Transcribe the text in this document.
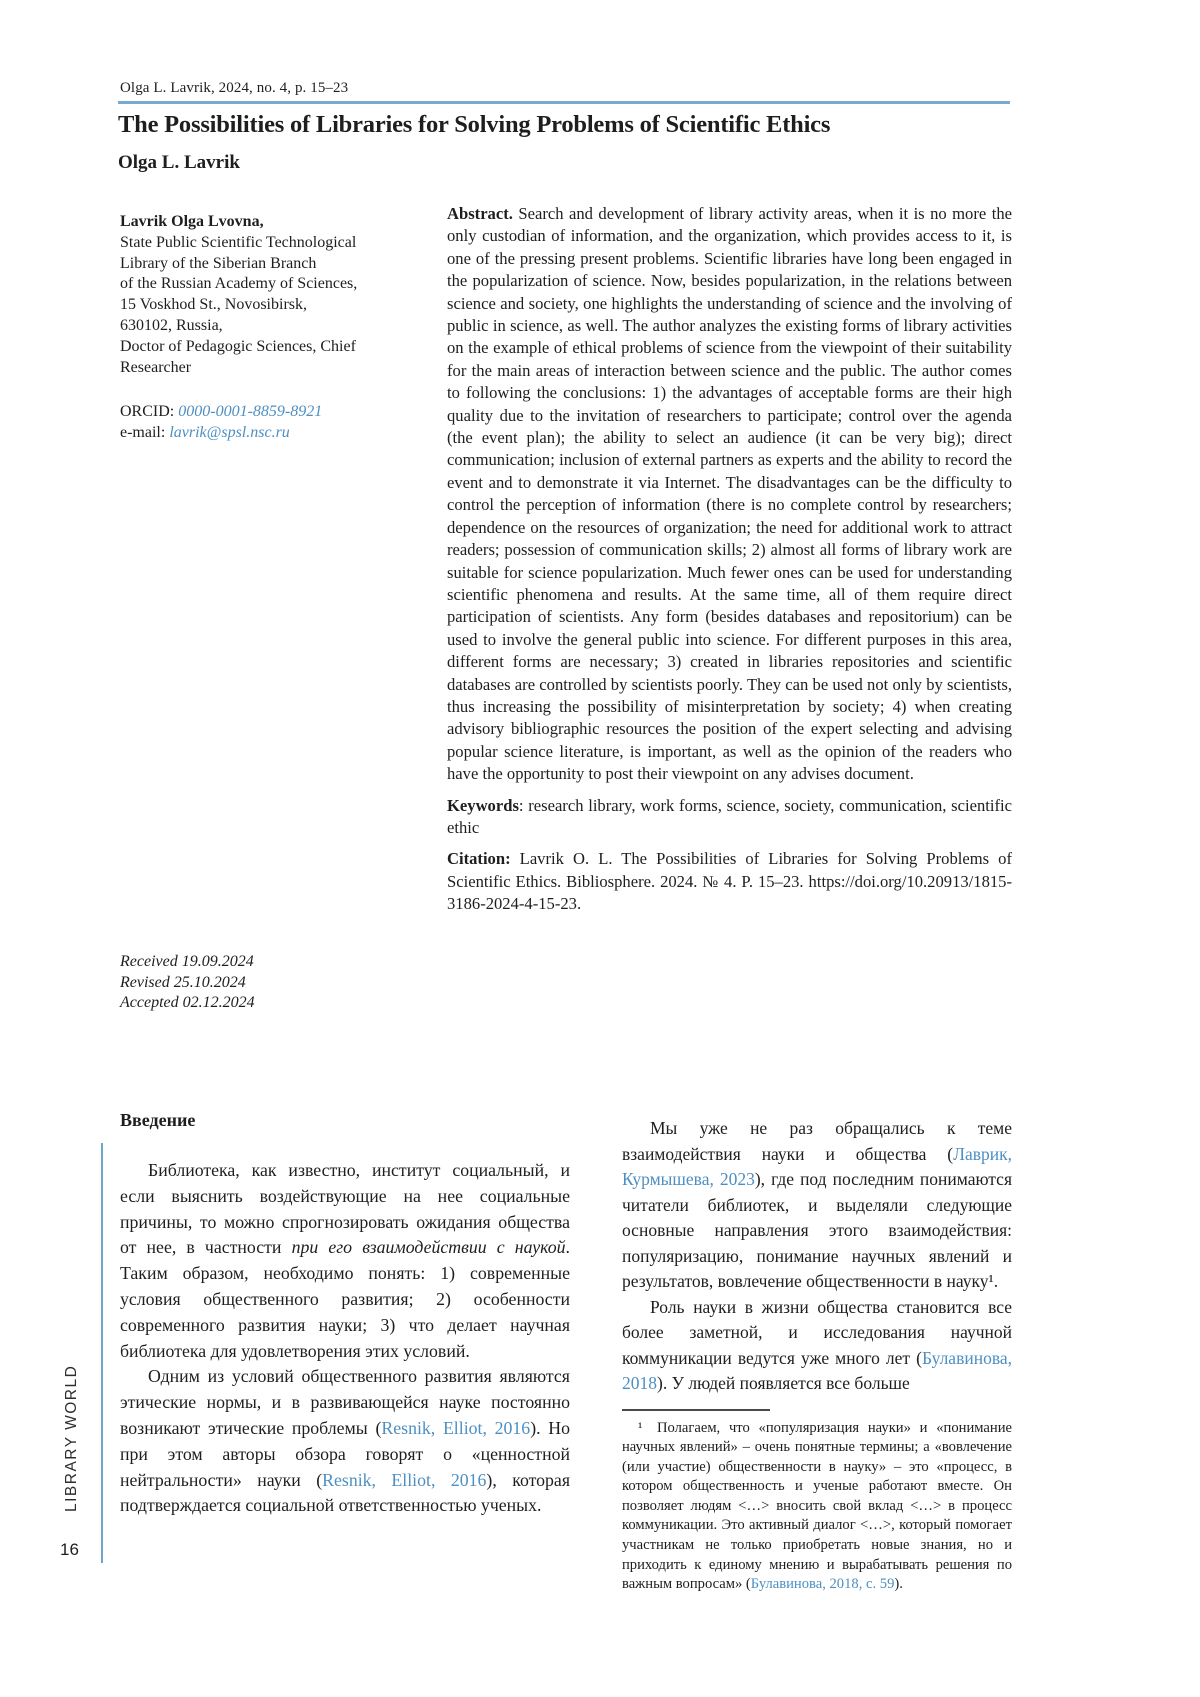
Olga L. Lavrik, 2024, no. 4, p. 15–23
The Possibilities of Libraries for Solving Problems of Scientific Ethics
Olga L. Lavrik
Lavrik Olga Lvovna,
State Public Scientific Technological
Library of the Siberian Branch
of the Russian Academy of Sciences,
15 Voskhod St., Novosibirsk,
630102, Russia,
Doctor of Pedagogic Sciences, Chief
Researcher
ORCID: 0000-0001-8859-8921
e-mail: lavrik@spsl.nsc.ru
Received 19.09.2024
Revised 25.10.2024
Accepted 02.12.2024

Abstract. Search and development of library activity areas, when it is no more the only custodian of information, and the organization, which provides access to it, is one of the pressing present problems. Scientific libraries have long been engaged in the popularization of science. Now, besides popularization, in the relations between science and society, one highlights the understanding of science and the involving of public in science, as well. The author analyzes the existing forms of library activities on the example of ethical problems of science from the viewpoint of their suitability for the main areas of interaction between science and the public. The author comes to following the conclusions: 1) the advantages of acceptable forms are their high quality due to the invitation of researchers to participate; control over the agenda (the event plan); the ability to select an audience (it can be very big); direct communication; inclusion of external partners as experts and the ability to record the event and to demonstrate it via Internet. The disadvantages can be the difficulty to control the perception of information (there is no complete control by researchers; dependence on the resources of organization; the need for additional work to attract readers; possession of communication skills; 2) almost all forms of library work are suitable for science popularization. Much fewer ones can be used for understanding scientific phenomena and results. At the same time, all of them require direct participation of scientists. Any form (besides databases and repositorium) can be used to involve the general public into science. For different purposes in this area, different forms are necessary; 3) created in libraries repositories and scientific databases are controlled by scientists poorly. They can be used not only by scientists, thus increasing the possibility of misinterpretation by society; 4) when creating advisory bibliographic resources the position of the expert selecting and advising popular science literature, is important, as well as the opinion of the readers who have the opportunity to post their viewpoint on any advises document.

Keywords: research library, work forms, science, society, communication, scientific ethic

Citation: Lavrik O. L. The Possibilities of Libraries for Solving Problems of Scientific Ethics. Bibliosphere. 2024. № 4. P. 15–23. https://doi.org/10.20913/1815-3186-2024-4-15-23.

Введение

Библиотека, как известно, институт социальный, и если выяснить воздействующие на нее социальные причины, то можно спрогнозировать ожидания общества от нее, в частности при его взаимодействии с наукой. Таким образом, необходимо понять: 1) современные условия общественного развития; 2) особенности современного развития науки; 3) что делает научная библиотека для удовлетворения этих условий.

Одним из условий общественного развития являются этические нормы, и в развивающейся науке постоянно возникают этические проблемы (Resnik, Elliot, 2016). Но при этом авторы обзора говорят о «ценностной нейтральности» науки (Resnik, Elliot, 2016), которая подтверждается социальной ответственностью ученых.

Мы уже не раз обращались к теме взаимодействия науки и общества (Лаврик, Курмышева, 2023), где под последним понимаются читатели библиотек, и выделяли следующие основные направления этого взаимодействия: популяризацию, понимание научных явлений и результатов, вовлечение общественности в науку¹.

Роль науки в жизни общества становится все более заметной, и исследования научной коммуникации ведутся уже много лет (Булавинова, 2018). У людей появляется все больше

¹ Полагаем, что «популяризация науки» и «понимание научных явлений» – очень понятные термины; а «вовлечение (или участие) общественности в науку» – это «процесс, в котором общественность и ученые работают вместе. Он позволяет людям <…> вносить свой вклад <…> в процесс коммуникации. Это активный диалог <…>, который помогает участникам не только приобретать новые знания, но и приходить к единому мнению и вырабатывать решения по важным вопросам» (Булавинова, 2018, с. 59).

LIBRARY WORLD
16
